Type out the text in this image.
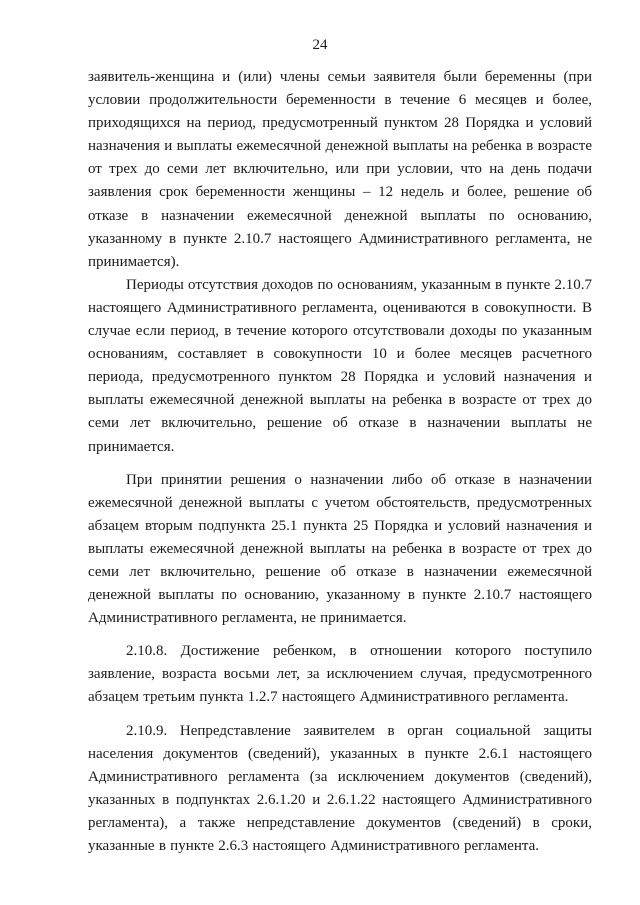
24

заявитель-женщина и (или) члены семьи заявителя были беременны (при условии продолжительности беременности в течение 6 месяцев и более, приходящихся на период, предусмотренный пунктом 28 Порядка и условий назначения и выплаты ежемесячной денежной выплаты на ребенка в возрасте от трех до семи лет включительно, или при условии, что на день подачи заявления срок беременности женщины – 12 недель и более, решение об отказе в назначении ежемесячной денежной выплаты по основанию, указанному в пункте 2.10.7 настоящего Административного регламента, не принимается).

Периоды отсутствия доходов по основаниям, указанным в пункте 2.10.7 настоящего Административного регламента, оцениваются в совокупности. В случае если период, в течение которого отсутствовали доходы по указанным основаниям, составляет в совокупности 10 и более месяцев расчетного периода, предусмотренного пунктом 28 Порядка и условий назначения и выплаты ежемесячной денежной выплаты на ребенка в возрасте от трех до семи лет включительно, решение об отказе в назначении выплаты не принимается.

При принятии решения о назначении либо об отказе в назначении ежемесячной денежной выплаты с учетом обстоятельств, предусмотренных абзацем вторым подпункта 25.1 пункта 25 Порядка и условий назначения и выплаты ежемесячной денежной выплаты на ребенка в возрасте от трех до семи лет включительно, решение об отказе в назначении ежемесячной денежной выплаты по основанию, указанному в пункте 2.10.7 настоящего Административного регламента, не принимается.

2.10.8. Достижение ребенком, в отношении которого поступило заявление, возраста восьми лет, за исключением случая, предусмотренного абзацем третьим пункта 1.2.7 настоящего Административного регламента.

2.10.9. Непредставление заявителем в орган социальной защиты населения документов (сведений), указанных в пункте 2.6.1 настоящего Административного регламента (за исключением документов (сведений), указанных в подпунктах 2.6.1.20 и 2.6.1.22 настоящего Административного регламента), а также непредставление документов (сведений) в сроки, указанные в пункте 2.6.3 настоящего Административного регламента.
